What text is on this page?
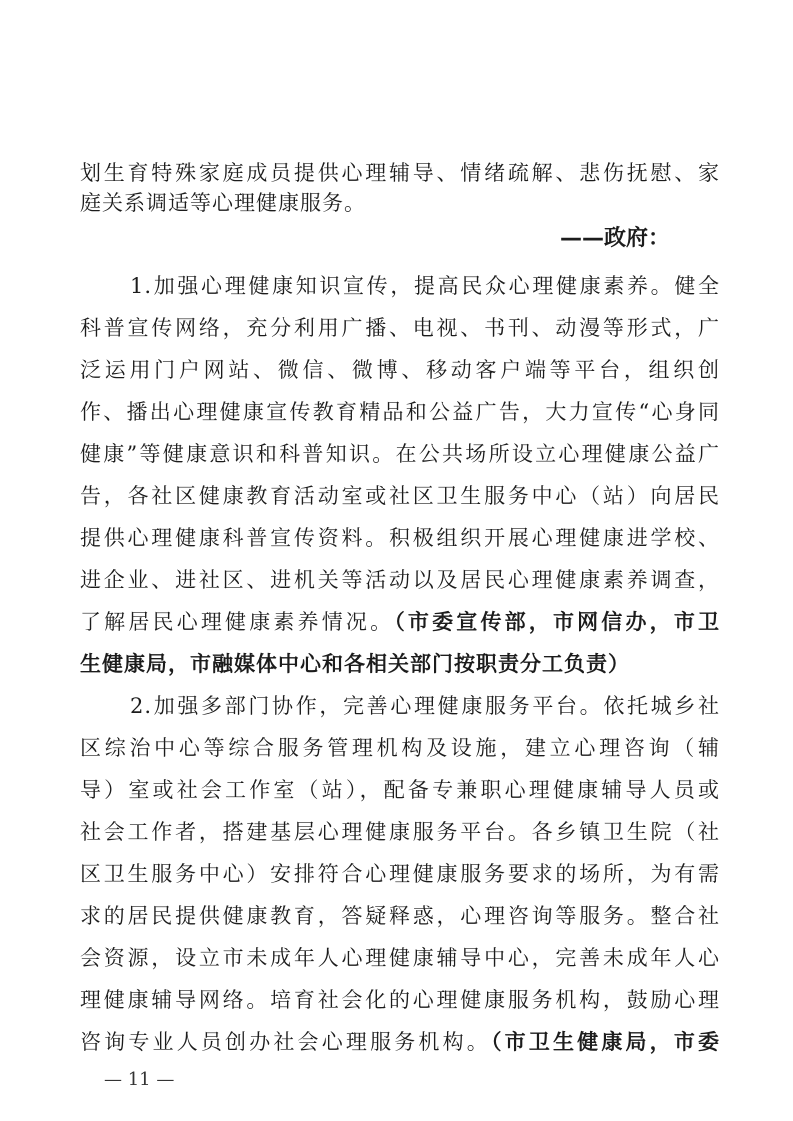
划生育特殊家庭成员提供心理辅导、情绪疏解、悲伤抚慰、家
庭关系调适等心理健康服务。
——政府：
1.加强心理健康知识宣传，提高民众心理健康素养。健全
科普宣传网络，充分利用广播、电视、书刊、动漫等形式，广
泛运用门户网站、微信、微博、移动客户端等平台，组织创
作、播出心理健康宣传教育精品和公益广告，大力宣传“心身同
健康”等健康意识和科普知识。在公共场所设立心理健康公益广
告，各社区健康教育活动室或社区卫生服务中心（站）向居民
提供心理健康科普宣传资料。积极组织开展心理健康进学校、
进企业、进社区、进机关等活动以及居民心理健康素养调查，
了解居民心理健康素养情况。（市委宣传部，市网信办，市卫
生健康局，市融媒体中心和各相关部门按职责分工负责）
2.加强多部门协作，完善心理健康服务平台。依托城乡社
区综治中心等综合服务管理机构及设施，建立心理咨询（辅
导）室或社会工作室（站），配备专兼职心理健康辅导人员或
社会工作者，搭建基层心理健康服务平台。各乡镇卫生院（社
区卫生服务中心）安排符合心理健康服务要求的场所，为有需
求的居民提供健康教育，答疑释惑，心理咨询等服务。整合社
会资源，设立市未成年人心理健康辅导中心，完善未成年人心
理健康辅导网络。培育社会化的心理健康服务机构，鼓励心理
咨询专业人员创办社会心理服务机构。（市卫生健康局，市委
— 11 —
